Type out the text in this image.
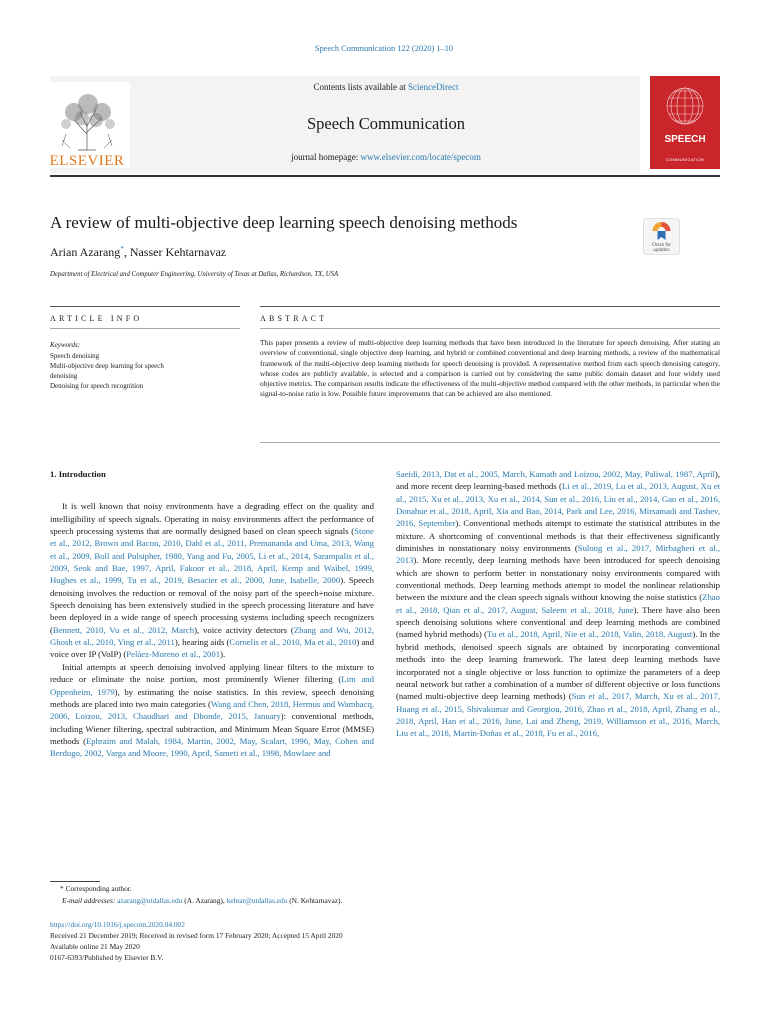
Speech Communication 122 (2020) 1–10
ELSEVIER
Contents lists available at ScienceDirect
Speech Communication
journal homepage: www.elsevier.com/locate/specom
SPEECH
COMMUNICATION
A review of multi-objective deep learning speech denoising methods
Arian Azarang*, Nasser Kehtarnavaz
Department of Electrical and Computer Engineering, University of Texas at Dallas, Richardson, TX, USA
Check for
updates
ARTICLE INFO	ABSTRACT
Keywords:
Speech denoising
Multi-objective deep learning for speech
denoising
Denoising for speech recognition
This paper presents a review of multi-objective deep learning methods that have been introduced in the literature for speech denoising. After stating an overview of conventional, single objective deep learning, and hybrid or combined conventional and deep learning methods, a review of the mathematical framework of the multi-objective deep learning methods for speech denoising is provided. A representative method from each speech denoising category, whose codes are publicly available, is selected and a comparison is carried out by considering the same public domain dataset and four widely used objective metrics. The comparison results indicate the effectiveness of the multi-objective method compared with the other methods, in particular when the signal-to-noise ratio is low. Possible future improvements that can be achieved are also mentioned.

1. Introduction

It is well known that noisy environments have a degrading effect on the quality and intelligibility of speech signals. Operating in noisy environments affect the performance of speech processing systems that are normally designed based on clean speech signals (Stone et al., 2012, Brown and Bacon, 2010, Dahl et al., 2011, Premananda and Uma, 2013, Wang et al., 2009, Boll and Pulsipher, 1980, Yang and Fu, 2005, Li et al., 2014, Sarampalis et al., 2009, Seok and Bae, 1997, April, Fakoor et al., 2018, April, Kemp and Waibel, 1999, Hughes et al., 1999, Tu et al., 2019, Besacier et al., 2000, June, Isabelle, 2000). Speech denoising involves the reduction or removal of the noisy part of the speech+noise mixture. Speech denoising has been extensively studied in the speech processing literature and have been deployed in a wide range of speech processing systems including speech recognizers (Bennett, 2010, Vu et al., 2012, March), voice activity detectors (Zhang and Wu, 2012, Ghosh et al., 2010, Ying et al., 2011), hearing aids (Cornelis et al., 2010, Ma et al., 2010) and voice over IP (VoIP) (Peláez-Moreno et al., 2001).

Initial attempts at speech denoising involved applying linear filters to the mixture to reduce or eliminate the noise portion, most prominently Wiener filtering (Lim and Oppenheim, 1979), by estimating the noise statistics. In this review, speech denoising methods are placed into two main categories (Wang and Chen, 2018, Hermus and Wambacq, 2006, Loizou, 2013, Chaudhari and Dhonde, 2015, January): conventional methods, including Wiener filtering, spectral subtraction, and Minimum Mean Square Error (MMSE) methods (Ephraim and Malah, 1984, Martin, 2002, May, Scalart, 1996, May, Cohen and Berdugo, 2002, Varga and Moore, 1990, April, Sameti et al., 1998, Mowlaee and

Saeidi, 2013, Dat et al., 2005, March, Kamath and Loizou, 2002, May, Paliwal, 1987, April), and more recent deep learning-based methods (Li et al., 2019, Lu et al., 2013, August, Xu et al., 2015, Xu et al., 2013, Xu et al., 2014, Sun et al., 2016, Liu et al., 2014, Gao et al., 2016, Donahue et al., 2018, April, Xia and Bao, 2014, Park and Lee, 2016, Mirsamadi and Tashev, 2016, September). Conventional methods attempt to estimate the statistical attributes in the mixture. A shortcoming of conventional methods is that their effectiveness significantly diminishes in nonstationary noisy environments (Sulong et al., 2017, Mirbagheri et al., 2013). More recently, deep learning methods have been introduced for speech denoising which are shown to perform better in nonstationary noisy environments compared with conventional methods. Deep learning methods attempt to model the nonlinear relationship between the mixture and the clean speech signals without knowing the noise statistics (Zhao et al., 2018, Qian et al., 2017, August, Saleem et al., 2018, June). There have also been speech denoising solutions where conventional and deep learning methods are combined (named hybrid methods) (Tu et al., 2018, April, Nie et al., 2018, Valin, 2018, August). In the hybrid methods, denoised speech signals are obtained by incorporating conventional methods into the deep learning framework. The latest deep learning methods have incorporated not a single objective or loss function to optimize the parameters of a deep neural network but rather a combination of a number of different objective or loss functions (named multi-objective deep learning methods) (Sun et al., 2017, March, Xu et al., 2017, Huang et al., 2015, Shivakumar and Georgiou, 2016, Zhao et al., 2018, April, Zhang et al., 2018, April, Han et al., 2016, June, Lai and Zheng, 2019, Williamson et al., 2016, March, Liu et al., 2018, Martín-Doñas et al., 2018, Fu et al., 2016,

* Corresponding author.
E-mail addresses: azarang@utdallas.edu (A. Azarang), kehtar@utdallas.edu (N. Kehtarnavaz).
https://doi.org/10.1016/j.specom.2020.04.002
Received 21 December 2019; Received in revised form 17 February 2020; Accepted 15 April 2020
Available online 21 May 2020
0167-6393/Published by Elsevier B.V.
